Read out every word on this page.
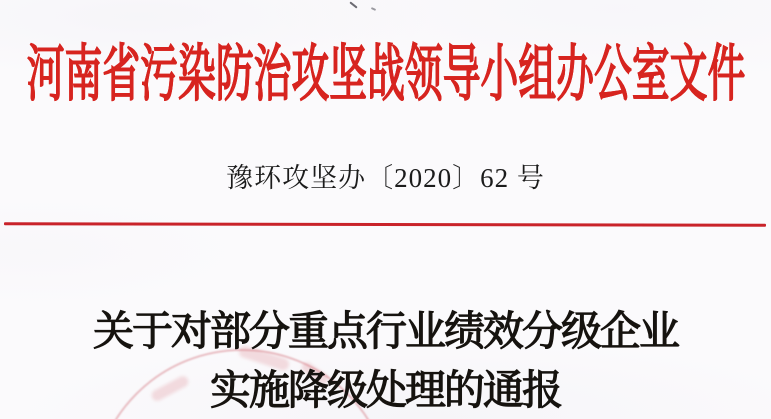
河南省污染防治攻坚战领导小组办公室文件
豫环攻坚办〔2020〕62 号
关于对部分重点行业绩效分级企业
实施降级处理的通报
